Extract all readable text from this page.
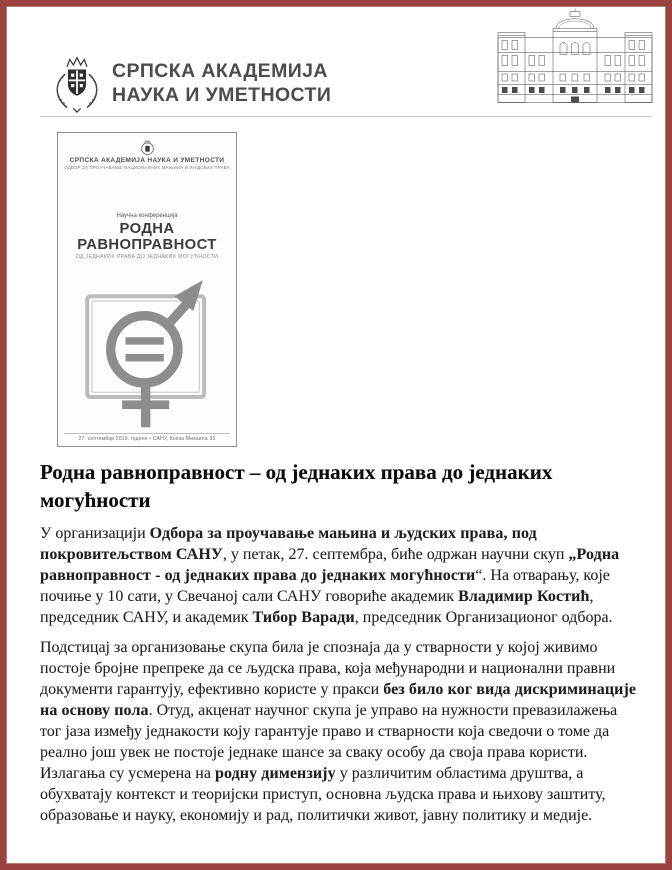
СРПСКА АКАДЕМИЈА
НАУКА И УМЕТНОСТИ
СРПСКА АКАДЕМИЈА НАУКА И УМЕТНОСТИ
ОДБОР ЗА ПРОУЧАВАЊЕ НАЦИОНАЛНИХ МАЊИНА И ЉУДСКИХ ПРАВА
Научна конференција
РОДНА РАВНОПРАВНОСТ
ОД ЈЕДНАКИХ ПРАВА ДО ЈЕДНАКИХ МОГУЋНОСТИ
27. септембар 2019. године • САНУ, Кнеза Михаила 35
Родна равноправност – од једнаких права до једнаких могућности

У организацији Одбора за проучавање мањина и људских права, под покровитељством САНУ, у петак, 27. септембра, биће одржан научни скуп „Родна равноправност - од једнаких права до једнаких могућности“. На отварању, које почиње у 10 сати, у Свечаној сали САНУ говориће академик Владимир Костић, председник САНУ, и академик Тибор Варади, председник Организационог одбора.

Подстицај за организовање скупа била је спознаја да у стварности у којој живимо постоје бројне препреке да се људска права, која међународни и национални правни документи гарантују, ефективно користе у пракси без било ког вида дискриминације на основу пола. Отуд, акценат научног скупа је управо на нужности превазилажења тог јаза између једнакости коју гарантује право и стварности која сведочи о томе да реално још увек не постоје једнаке шансе за сваку особу да своја права користи. Излагања су усмерена на родну димензију у различитим областима друштва, а обухватају контекст и теоријски приступ, основна људска права и њихову заштиту, образовање и науку, економију и рад, политички живот, јавну политику и медије.
